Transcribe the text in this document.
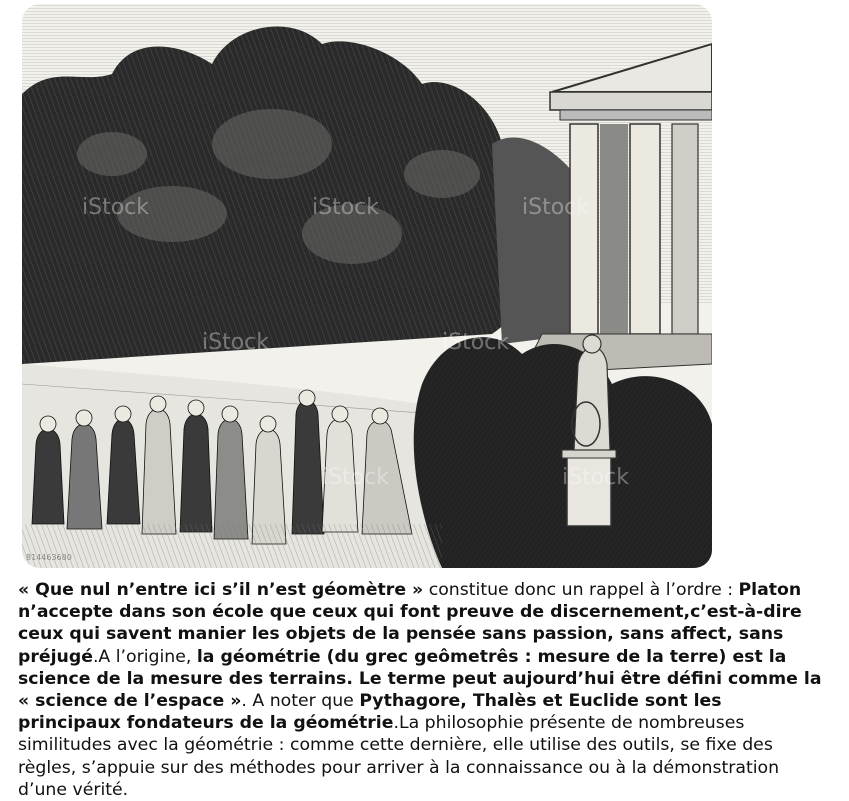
iStock	iStock	iStock
iStock	iStock
iStock	iStock
814463680
« Que nul n’entre ici s’il n’est géomètre » constitue donc un rappel à l’ordre : Platon n’accepte dans son école que ceux qui font preuve de discernement,c’est-à-dire ceux qui savent manier les objets de la pensée sans passion, sans affect, sans préjugé.A l’origine, la géométrie (du grec geômetrês : mesure de la terre) est la science de la mesure des terrains. Le terme peut aujourd’hui être défini comme la « science de l’espace ». A noter que Pythagore, Thalès et Euclide sont les principaux fondateurs de la géométrie.La philosophie présente de nombreuses similitudes avec la géométrie : comme cette dernière, elle utilise des outils, se fixe des règles, s’appuie sur des méthodes pour arriver à la connaissance ou à la démonstration d’une vérité.
